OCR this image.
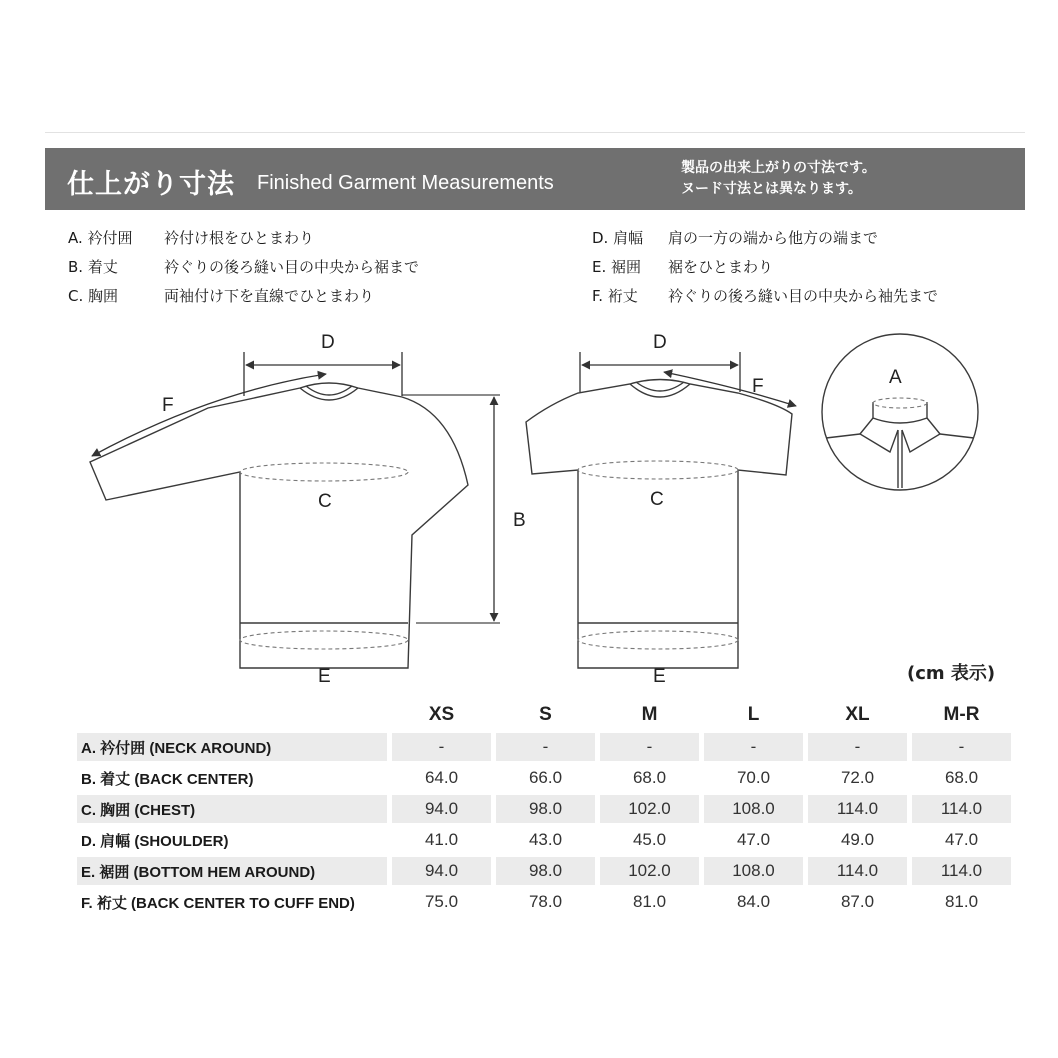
仕上がり寸法 Finished Garment Measurements
製品の出来上がりの寸法です。
ヌード寸法とは異なります。
A. 衿付囲 衿付け根をひとまわり
B. 着丈	衿ぐりの後ろ縫い目の中央から裾まで
C. 胸囲	両袖付け下を直線でひとまわり
D. 肩幅 肩の一方の端から他方の端まで
E. 裾囲 裾をひとまわり
F. 裄丈 衿ぐりの後ろ縫い目の中央から袖先まで
D	D
F
F
C	C
B
E	E
A
(cm 表示)
	XS	S	M	L	XL	M-R
A. 衿付囲 (NECK AROUND)	-	-	-	-	-	-
B. 着丈 (BACK CENTER)	64.0	66.0	68.0	70.0	72.0	68.0
C. 胸囲 (CHEST)	94.0	98.0	102.0	108.0	114.0	114.0
D. 肩幅 (SHOULDER)	41.0	43.0	45.0	47.0	49.0	47.0
E. 裾囲 (BOTTOM HEM AROUND)	94.0	98.0	102.0	108.0	114.0	114.0
F. 裄丈 (BACK CENTER TO CUFF END)	75.0	78.0	81.0	84.0	87.0	81.0
